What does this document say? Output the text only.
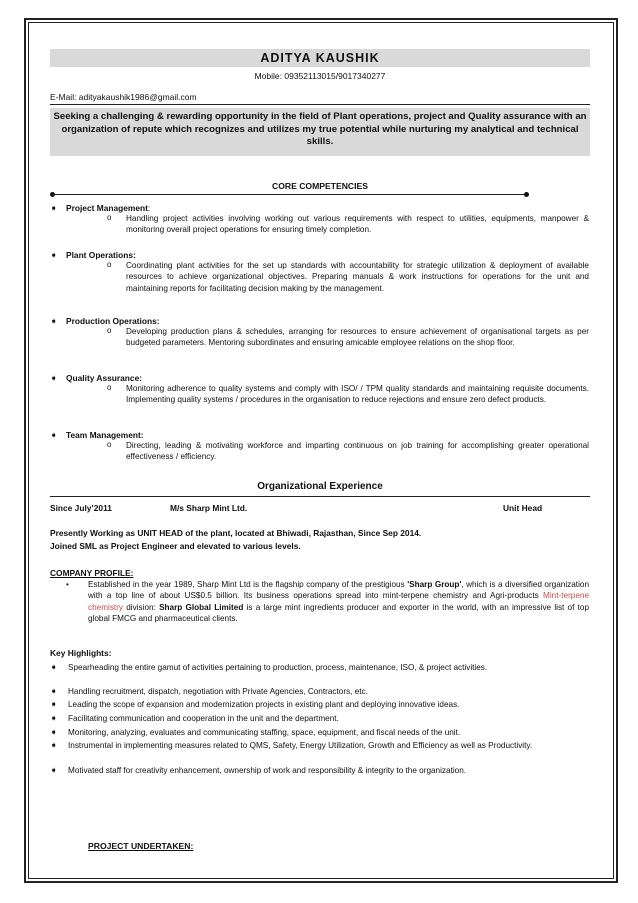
ADITYA KAUSHIK
Mobile: 09352113015/9017340277
E-Mail: adityakaushik1986@gmail.com
Seeking a challenging & rewarding opportunity in the field of Plant operations, project and Quality assurance with an organization of repute which recognizes and utilizes my true potential while nurturing my analytical and technical skills.
CORE COMPETENCIES
➧ Project Management:
o Handling project activities involving working out various requirements with respect to utilities, equipments, manpower & monitoring overall project operations for ensuring timely completion.
➧ Plant Operations:
o Coordinating plant activities for the set up standards with accountability for strategic utilization & deployment of available resources to achieve organizational objectives. Preparing manuals & work instructions for operations for the unit and maintaining reports for facilitating decision making by the management.
➧ Production Operations:
o Developing production plans & schedules, arranging for resources to ensure achievement of organisational targets as per budgeted parameters. Mentoring subordinates and ensuring amicable employee relations on the shop floor.
➧ Quality Assurance:
o Monitoring adherence to quality systems and comply with ISO/ / TPM quality standards and maintaining requisite documents. Implementing quality systems / procedures in the organisation to reduce rejections and ensure zero defect products.
➧ Team Management:
o Directing, leading & motivating workforce and imparting continuous on job training for accomplishing greater operational effectiveness / efficiency.
Organizational Experience
Since July’2011	M/s Sharp Mint Ltd.	Unit Head
Presently Working as UNIT HEAD of the plant, located at Bhiwadi, Rajasthan, Since Sep 2014.
Joined SML as Project Engineer and elevated to various levels.
COMPANY PROFILE:
• Established in the year 1989, Sharp Mint Ltd is the flagship company of the prestigious 'Sharp Group', which is a diversified organization with a top line of about US$0.5 billion. Its business operations spread into mint-terpene chemistry and Agri-products Mint-terpene chemistry division: Sharp Global Limited is a large mint ingredients producer and exporter in the world, with an impressive list of top global FMCG and pharmaceutical clients.
Key Highlights:
➧ Spearheading the entire gamut of activities pertaining to production, process, maintenance, ISO, & project activities.
➧ Handling recruitment, dispatch, negotiation with Private Agencies, Contractors, etc.
➧ Leading the scope of expansion and modernization projects in existing plant and deploying innovative ideas.
➧ Facilitating communication and cooperation in the unit and the department.
➧ Monitoring, analyzing, evaluates and communicating staffing, space, equipment, and fiscal needs of the unit.
➧ Instrumental in implementing measures related to QMS, Safety, Energy Utilization, Growth and Efficiency as well as Productivity.
➧ Motivated staff for creativity enhancement, ownership of work and responsibility & integrity to the organization.
PROJECT UNDERTAKEN:
